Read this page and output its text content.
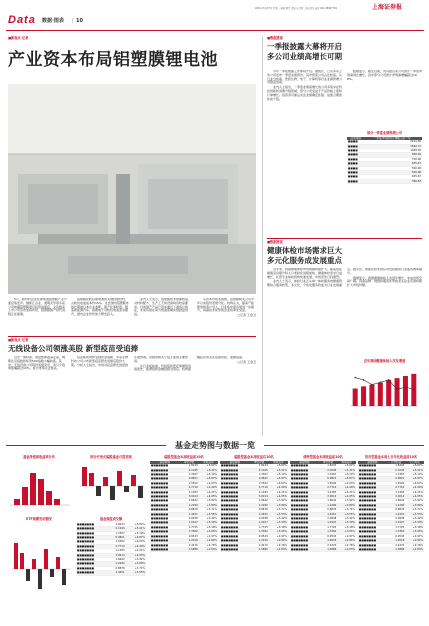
Data 数据·图表 | 10
2020年5月27日 星期三 编辑 阿星 责编 史卫燕 美编 周洋 电话:021-38967726	上海证券报
■新视点·记者
产业资本布局铝塑膜锂电池

5月，新材料企业在锂电池铝塑膜产业方面密集发声。继紫江企业、道明光学等多家公司披露铝塑膜项目投资进展后，又有数家上市公司宣布加码布局，铝塑膜国产替代进程正在提速。

铝塑膜是软包锂电池的关键封装材料，占软包电池成本约15%。过去国内铝塑膜市场长期被日本企业垄断，国产化率较低。随着新能源汽车、消费电子对软包电池需求提升，国内企业纷纷加大研发投入。

业内人士表示，铝塑膜技术壁垒较高，对材料配方、生产工艺和设备均有较高要求。目前国产产品已逐步通过下游客户验证，未来有望在动力电池领域实现批量供货。

从资本市场表现看，铝塑膜相关公司今年以来股价表现分化。机构认为，随着产能释放和客户导入，行业集中度有望进一步提升，具备技术优势的企业将率先受益。

□记者 王金卫

■新视点·记者
无线设备公司领涨美股 新型疫苗受追捧

过去一周时间，美股整体震荡走高，纳斯达克指数和标普500指数小幅收涨。其中，无线设备公司股价表现突出，多只个股周涨幅超过10%，成为市场关注焦点。

疫苗板块同样受到资金追捧，多家生物科技公司公布新型疫苗研发进展后股价大涨。分析人士指出，市场对疫苗研发进度的乐观预期，是推动相关个股上涨的主要原因。

从行业板块看，科技股和医疗保健股表现领先，能源股和金融股相对落后。机构提醒投资者关注估值风险，谨慎追高。

□记者 王金卫

■数据透视
一季报披露大幕将开启
多公司业绩高增长可期

今年一季报披露工作即将开启。据统计，已有多家上市公司发布一季度业绩预告，其中预喜公司占比较高。从行业分布看，医药生物、电子、计算机等行业业绩预增公司数量居前。

业内人士指出，一季度业绩高增长的公司多集中在科技创新和消费升级领域，部分公司受益于产品价格上涨和订单增长。投资者可重点关注业绩确定性强、估值合理的优质个股。

数据显示，截至目前，共有数百家公司预计一季度净利润同比增长，其中部分公司预计净利润增幅超过100%。

部分一季度业绩预增公司
证券简称	一季度净利润预计增幅上限（%）
■■■■	2101.65
■■■■	1562.11
■■■■	1009.30
■■■■	806.00
■■■■	700.00
■■■■	635.47
■■■■	560.00
■■■■	500.00
■■■■	405.67
■■■■	356.83
■数据透视
健康体检市场需求巨大
多元化服务成发展重点

近年来，我国健康体检市场规模持续扩大。随着居民健康意识提升和人口老龄化进程加快，健康体检需求日益增长，民营专业体检机构快速发展，市场竞争日趋激烈。

业内人士表示，体检行业正从单一体检服务向健康管理综合服务转型，多元化、个性化服务将成为行业发展重点。数字化、智能化技术的应用也将推动行业服务效率提升。

数据显示，我国健康体检人次逐年增长，未来市场空间广阔。具备品牌、网络和服务优势的龙头企业有望持续扩大市场份额。

近年我国健康体检人次及增速
基金走势图与数据一览
基金净值周收益率分布
ETF规模变动情况
部分开放式偏股基金月度表现
基金周度成交额
■■■■■■■	1.8234	+5.82%
■■■■■■■	2.1045	+5.41%
■■■■■■■	1.3367	+5.10%
■■■■■■■	0.9821	+4.87%
■■■■■■■	1.5502	+4.63%
■■■■■■■	2.7710	+4.40%
■■■■■■■	1.1283	+4.21%
■■■■■■■	3.0014	+4.05%
■■■■■■■	1.6642	+3.92%
■■■■■■■	1.2290	+3.80%
■■■■■■■	0.8876	+3.71%
■■■■■■■	1.4451	+3.55%
偏股型基金本周收益前10名
基金简称	单位净值	周收益率
■■■■■■■	1.8234	+5.82%
■■■■■■■	2.1045	+5.41%
■■■■■■■	1.3367	+5.10%
■■■■■■■	0.9821	+4.87%
■■■■■■■	1.5502	+4.63%
■■■■■■■	2.7710	+4.40%
■■■■■■■	1.1283	+4.21%
■■■■■■■	3.0014	+4.05%
■■■■■■■	1.6642	+3.92%
■■■■■■■	1.2290	+3.80%
■■■■■■■	0.8876	+3.71%
■■■■■■■	1.4451	+3.55%
■■■■■■■	2.0938	+3.42%
■■■■■■■	1.0107	+3.30%
■■■■■■■	1.7725	+3.18%
■■■■■■■	1.3362	+3.05%
■■■■■■■	0.9543	+2.97%
■■■■■■■	1.2018	+2.84%
■■■■■■■	2.4470	+2.76%
■■■■■■■	1.5886	+2.63%
偏股型基金本周收益后10名
基金简称	单位净值	周收益率
■■■■■■■	1.8234	+5.82%
■■■■■■■	2.1045	+5.41%
■■■■■■■	1.3367	+5.10%
■■■■■■■	0.9821	+4.87%
■■■■■■■	1.5502	+4.63%
■■■■■■■	2.7710	+4.40%
■■■■■■■	1.1283	+4.21%
■■■■■■■	3.0014	+4.05%
■■■■■■■	1.6642	+3.92%
■■■■■■■	1.2290	+3.80%
■■■■■■■	0.8876	+3.71%
■■■■■■■	1.4451	+3.55%
■■■■■■■	2.0938	+3.42%
■■■■■■■	1.0107	+3.30%
■■■■■■■	1.7725	+3.18%
■■■■■■■	1.3362	+3.05%
■■■■■■■	0.9543	+2.97%
■■■■■■■	1.2018	+2.84%
■■■■■■■	2.4470	+2.76%
■■■■■■■	1.5886	+2.63%
债券型基金本周收益前10名
基金简称	单位净值	周收益率
■■■■■■■	1.8234	+5.82%
■■■■■■■	2.1045	+5.41%
■■■■■■■	1.3367	+5.10%
■■■■■■■	0.9821	+4.87%
■■■■■■■	1.5502	+4.63%
■■■■■■■	2.7710	+4.40%
■■■■■■■	1.1283	+4.21%
■■■■■■■	3.0014	+4.05%
■■■■■■■	1.6642	+3.92%
■■■■■■■	1.2290	+3.80%
■■■■■■■	0.8876	+3.71%
■■■■■■■	1.4451	+3.55%
■■■■■■■	2.0938	+3.42%
■■■■■■■	1.0107	+3.30%
■■■■■■■	1.7725	+3.18%
■■■■■■■	1.3362	+3.05%
■■■■■■■	0.9543	+2.97%
■■■■■■■	1.2018	+2.84%
■■■■■■■	2.4470	+2.76%
■■■■■■■	1.5886	+2.63%
货币型基金本周七日年化收益前10名
基金简称	万份收益	七日年化
■■■■■■■	1.8234	+5.82%
■■■■■■■	2.1045	+5.41%
■■■■■■■	1.3367	+5.10%
■■■■■■■	0.9821	+4.87%
■■■■■■■	1.5502	+4.63%
■■■■■■■	2.7710	+4.40%
■■■■■■■	1.1283	+4.21%
■■■■■■■	3.0014	+4.05%
■■■■■■■	1.6642	+3.92%
■■■■■■■	1.2290	+3.80%
■■■■■■■	0.8876	+3.71%
■■■■■■■	1.4451	+3.55%
■■■■■■■	2.0938	+3.42%
■■■■■■■	1.0107	+3.30%
■■■■■■■	1.7725	+3.18%
■■■■■■■	1.3362	+3.05%
■■■■■■■	0.9543	+2.97%
■■■■■■■	1.2018	+2.84%
■■■■■■■	2.4470	+2.76%
■■■■■■■	1.5886	+2.63%
